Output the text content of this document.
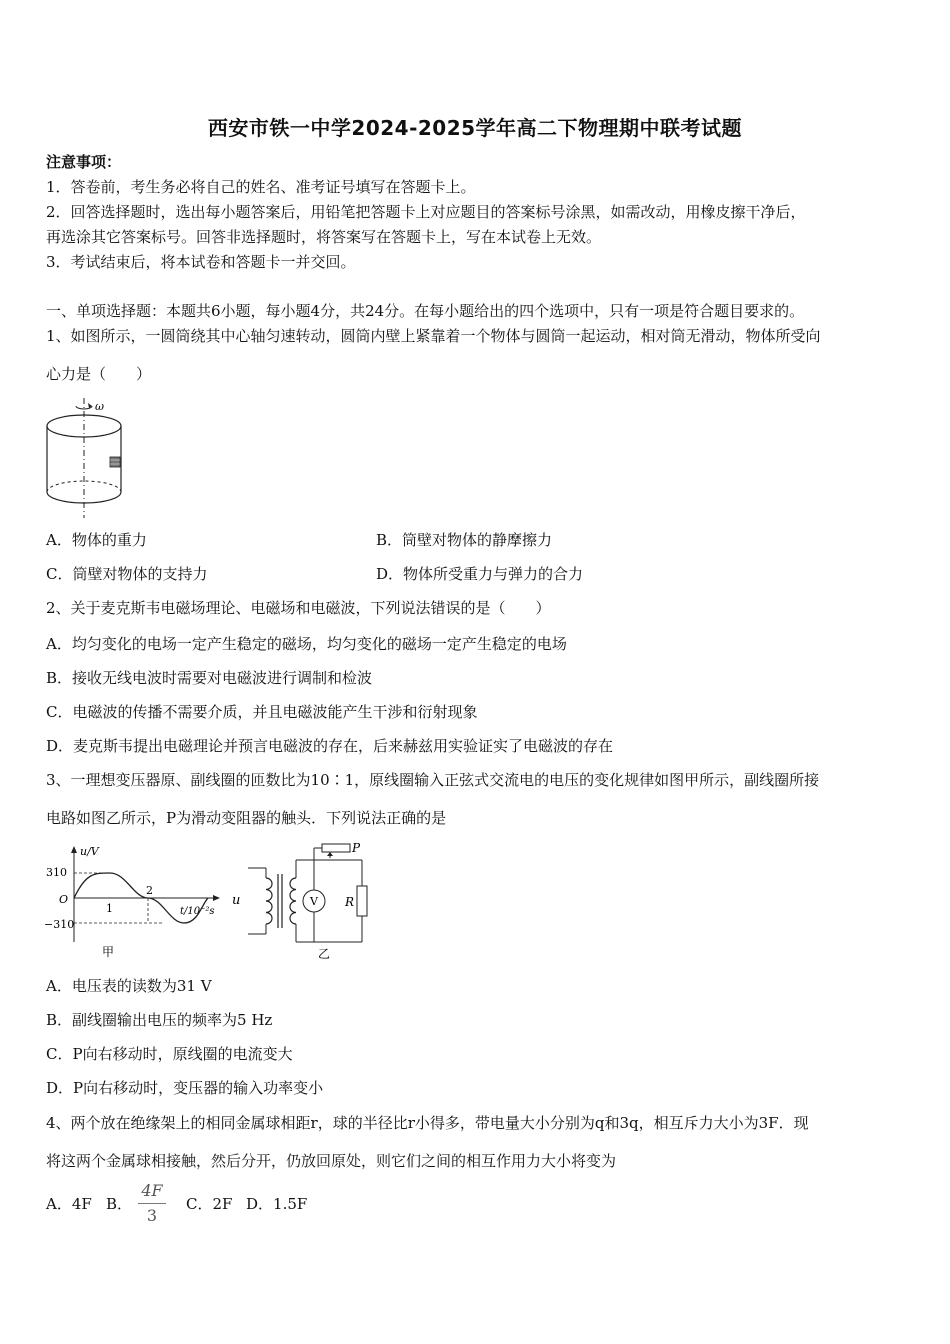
西安市铁一中学2024-2025学年高二下物理期中联考试题
注意事项：
1．答卷前，考生务必将自己的姓名、准考证号填写在答题卡上。
2．回答选择题时，选出每小题答案后，用铅笔把答题卡上对应题目的答案标号涂黑，如需改动，用橡皮擦干净后，
再选涂其它答案标号。回答非选择题时，将答案写在答题卡上，写在本试卷上无效。
3．考试结束后，将本试卷和答题卡一并交回。
一、单项选择题：本题共6小题，每小题4分，共24分。在每小题给出的四个选项中，只有一项是符合题目要求的。
1、如图所示，一圆筒绕其中心轴匀速转动，圆筒内壁上紧靠着一个物体与圆筒一起运动，相对筒无滑动，物体所受向
心力是（　　）
ω
A．物体的重力	B．筒壁对物体的静摩擦力
C．筒壁对物体的支持力	D．物体所受重力与弹力的合力
2、关于麦克斯韦电磁场理论、电磁场和电磁波，下列说法错误的是（　　）
A．均匀变化的电场一定产生稳定的磁场，均匀变化的磁场一定产生稳定的电场
B．接收无线电波时需要对电磁波进行调制和检波
C．电磁波的传播不需要介质，并且电磁波能产生干涉和衍射现象
D．麦克斯韦提出电磁理论并预言电磁波的存在，后来赫兹用实验证实了电磁波的存在
3、一理想变压器原、副线圈的匝数比为10∶1，原线圈输入正弦式交流电的电压的变化规律如图甲所示，副线圈所接
电路如图乙所示，P为滑动变阻器的触头．下列说法正确的是
u/V
310
O
−310
1
2
t/10⁻²s
甲
u	R
P
V
乙
A．电压表的读数为31 V
B．副线圈输出电压的频率为5 Hz
C．P向右移动时，原线圈的电流变大
D．P向右移动时，变压器的输入功率变小
4、两个放在绝缘架上的相同金属球相距r，球的半径比r小得多，带电量大小分别为q和3q，相互斥力大小为3F．现
将这两个金属球相接触，然后分开，仍放回原处，则它们之间的相互作用力大小将变为
A．4F B．
4F
3
C．2F D．1.5F
